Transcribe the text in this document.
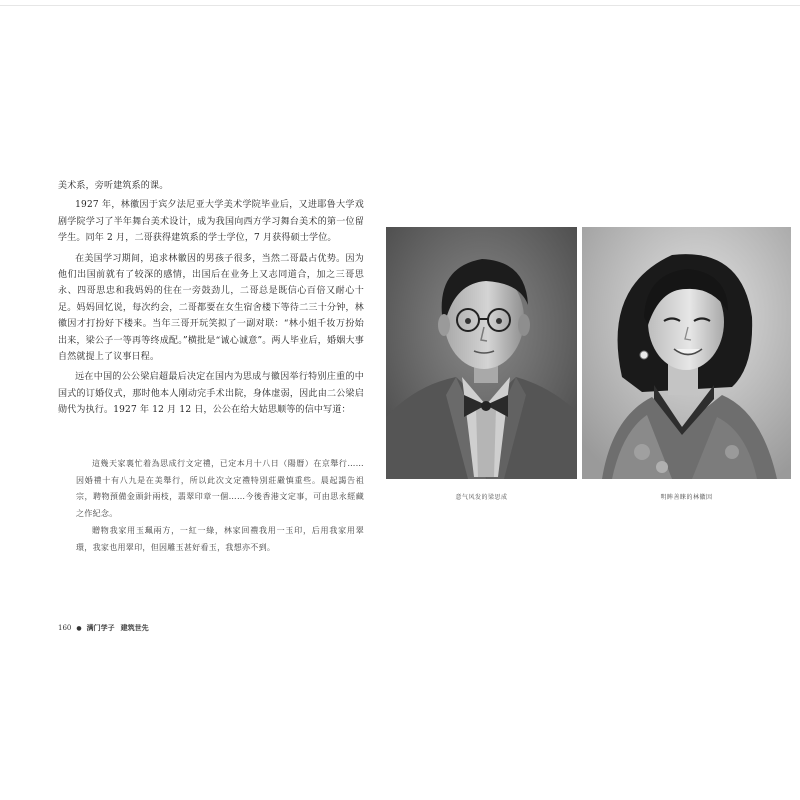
美术系，旁听建筑系的课。

1927 年，林徽因于宾夕法尼亚大学美术学院毕业后，又进耶鲁大学戏剧学院学习了半年舞台美术设计，成为我国向西方学习舞台美术的第一位留学生。同年 2 月，二哥获得建筑系的学士学位，7 月获得硕士学位。

在美国学习期间，追求林徽因的男孩子很多，当然二哥最占优势。因为他们出国前就有了较深的感情，出国后在业务上又志同道合，加之三哥思永、四哥思忠和我妈妈的住在一旁鼓劲儿，二哥总是既信心百倍又耐心十足。妈妈回忆说，每次约会，二哥都要在女生宿舍楼下等待二三十分钟，林徽因才打扮好下楼来。当年三哥开玩笑拟了一副对联：“林小姐千妆万扮始出来，梁公子一等再等终成配。”横批是“诚心诚意”。两人毕业后，婚姻大事自然就提上了议事日程。

远在中国的公公梁启超最后决定在国内为思成与徽因举行特别庄重的中国式的订婚仪式，那时他本人刚动完手术出院，身体虚弱，因此由二公梁启勋代为执行。1927 年 12 月 12 日，公公在给大姑思顺等的信中写道：

這幾天家裏忙着為思成行文定禮，已定本月十八日（陽曆）在京舉行……因婚禮十有八九是在美舉行，所以此次文定禮特別莊嚴慎重些。晨起謁告祖宗，聘物預備金頭針兩枝，翡翠印章一個……今後香港文定事，可由思永經藏之作紀念。

贈物我家用玉珮兩方，一紅一綠，林家回禮我用一玉印，后用我家用翠環，我家也用翠印，但因雕玉甚好看玉，我想亦不到。

160 ● 满门学子 建筑世先
意气风发的梁思成	明眸善睐的林徽因
